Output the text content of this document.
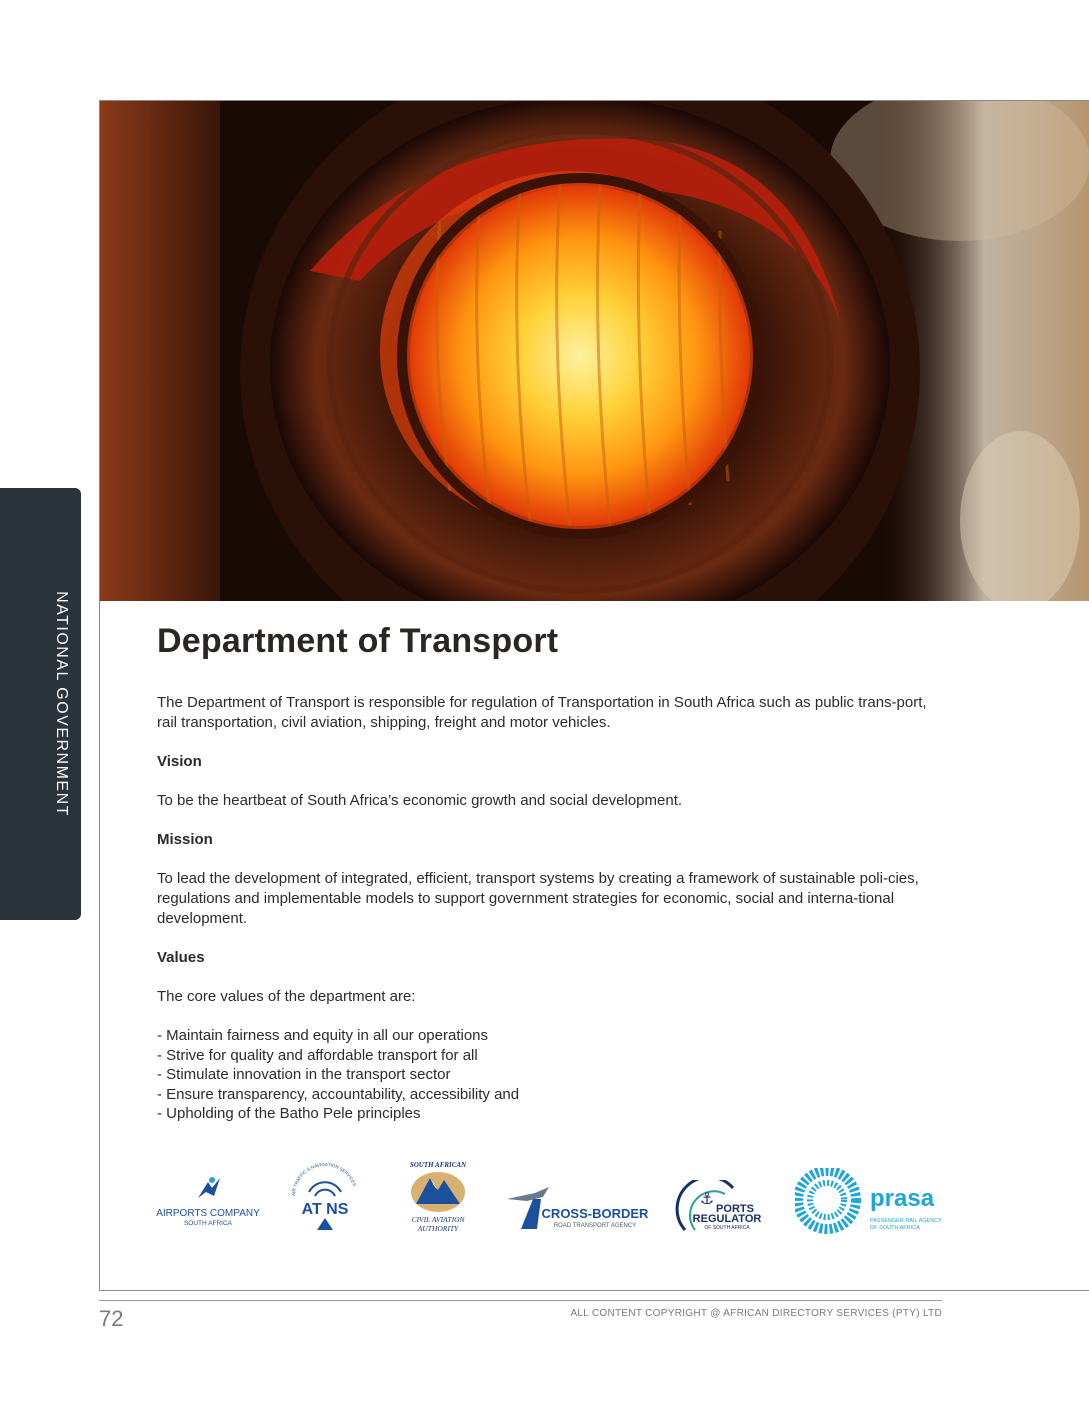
NATIONAL GOVERNMENT	Department of Transport

The Department of Transport is responsible for regulation of Transportation in South Africa such as public trans-port, rail transportation, civil aviation, shipping, freight and motor vehicles.

Vision

To be the heartbeat of South Africa’s economic growth and social development.

Mission

To lead the development of integrated, efficient, transport systems by creating a framework of sustainable poli-cies, regulations and implementable models to support government strategies for economic, social and interna-tional development.

Values

The core values of the department are:

- Maintain fairness and equity in all our operations
- Strive for quality and affordable transport for all
- Stimulate innovation in the transport sector
- Ensure transparency, accountability, accessibility and
- Upholding of the Batho Pele principles
AIRPORTS COMPANY
SOUTH AFRICA
AIR TRAFFIC & NAVIGATION SERVICES
AT NS
SOUTH AFRICAN
CIVIL AVIATION
AUTHORITY
CROSS-BORDER
ROAD TRANSPORT AGENCY
⚓
PORTS
REGULATOR
OF SOUTH AFRICA
prasa
PASSENGER RAIL AGENCY
OF SOUTH AFRICA
72	ALL CONTENT COPYRIGHT @ AFRICAN DIRECTORY SERVICES (PTY) LTD
